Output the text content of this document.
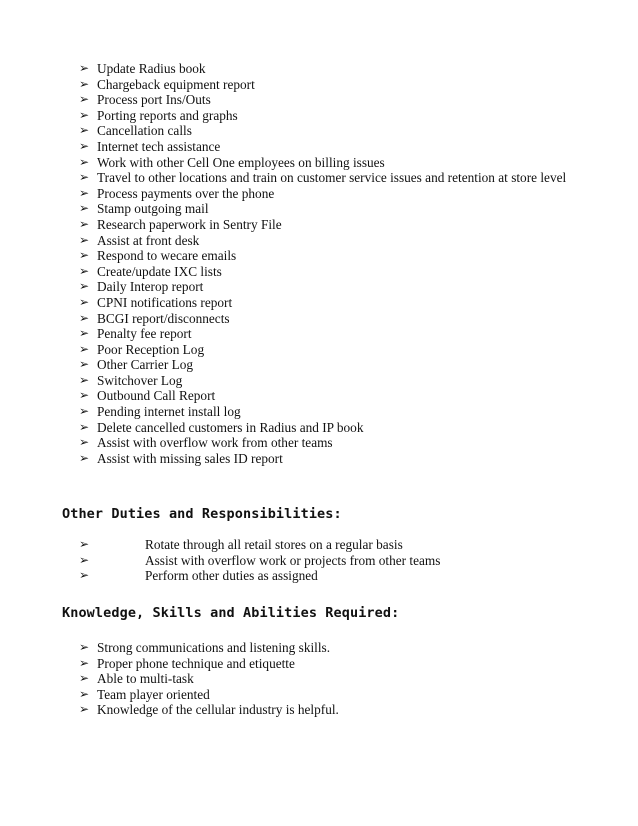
➢ Update Radius book
➢ Chargeback equipment report
➢ Process port Ins/Outs
➢ Porting reports and graphs
➢ Cancellation calls
➢ Internet tech assistance
➢ Work with other Cell One employees on billing issues
➢ Travel to other locations and train on customer service issues and retention at store level
➢ Process payments over the phone
➢ Stamp outgoing mail
➢ Research paperwork in Sentry File
➢ Assist at front desk
➢ Respond to wecare emails
➢ Create/update IXC lists
➢ Daily Interop report
➢ CPNI notifications report
➢ BCGI report/disconnects
➢ Penalty fee report
➢ Poor Reception Log
➢ Other Carrier Log
➢ Switchover Log
➢ Outbound Call Report
➢ Pending internet install log
➢ Delete cancelled customers in Radius and IP book
➢ Assist with overflow work from other teams
➢ Assist with missing sales ID report
Other Duties and Responsibilities:
➢	Rotate through all retail stores on a regular basis
➢	Assist with overflow work or projects from other teams
➢	Perform other duties as assigned
Knowledge, Skills and Abilities Required:
➢ Strong communications and listening skills.
➢ Proper phone technique and etiquette
➢ Able to multi-task
➢ Team player oriented
➢ Knowledge of the cellular industry is helpful.
